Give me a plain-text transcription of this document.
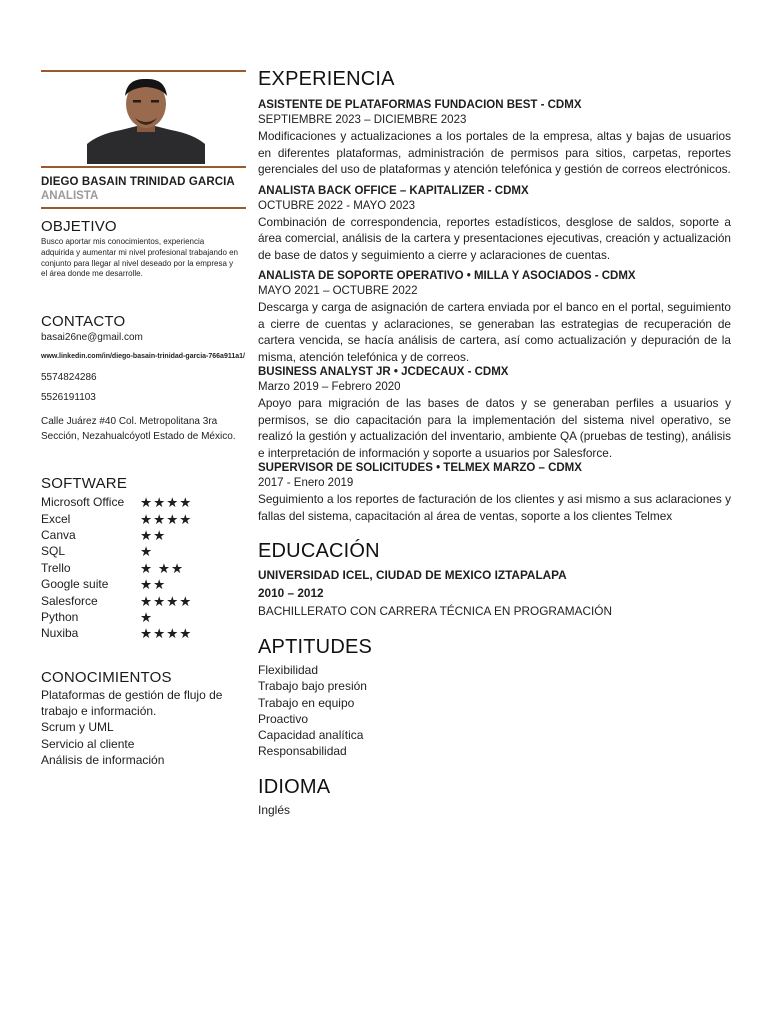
DIEGO BASAIN TRINIDAD GARCIA
ANALISTA
OBJETIVO
Busco aportar mis conocimientos, experiencia adquirida y aumentar mi nivel profesional trabajando en conjunto para llegar al nivel deseado por la empresa y el área donde me desarrolle.
CONTACTO
basai26ne@gmail.com
www.linkedin.com/in/diego-basain-trinidad-garcia-766a911a1/
5574824286
5526191103
Calle Juárez #40 Col. Metropolitana 3ra Sección, Nezahualcóyotl Estado de México.
SOFTWARE
Microsoft Office ★★★★
Excel	★★★★
Canva	★★
SQL	★
Trello	★ ★★
Google suite ★★
Salesforce	★★★★
Python	★
Nuxiba	★★★★
CONOCIMIENTOS
Plataformas de gestión de flujo de trabajo e información.
Scrum y UML
Servicio al cliente
Análisis de información
EXPERIENCIA
ASISTENTE DE PLATAFORMAS FUNDACION BEST - CDMX
SEPTIEMBRE 2023 – DICIEMBRE 2023
Modificaciones y actualizaciones a los portales de la empresa, altas y bajas de usuarios en diferentes plataformas, administración de permisos para sitios, carpetas, reportes gerenciales del uso de plataformas y atención telefónica y gestión de correos electrónicos.
ANALISTA BACK OFFICE – KAPITALIZER - CDMX
OCTUBRE 2022 - MAYO 2023
Combinación de correspondencia, reportes estadísticos, desglose de saldos, soporte a área comercial, análisis de la cartera y presentaciones ejecutivas, creación y actualización de base de datos y seguimiento a cierre y aclaraciones de cuentas.
ANALISTA DE SOPORTE OPERATIVO • MILLA Y ASOCIADOS - CDMX
MAYO 2021 – OCTUBRE 2022
Descarga y carga de asignación de cartera enviada por el banco en el portal, seguimiento a cierre de cuentas y aclaraciones, se generaban las estrategias de recuperación de cartera vencida, se hacía análisis de cartera, así como actualización y depuración de la misma, atención telefónica y de correos.
BUSINESS ANALYST JR • JCDECAUX - CDMX
Marzo 2019 – Febrero 2020
Apoyo para migración de las bases de datos y se generaban perfiles a usuarios y permisos, se dio capacitación para la implementación del sistema nivel operativo, se realizó la gestión y actualización del inventario, ambiente QA (pruebas de testing), análisis e interpretación de información y soporte a usuarios por Salesforce.
SUPERVISOR DE SOLICITUDES • TELMEX MARZO – CDMX
2017 - Enero 2019
Seguimiento a los reportes de facturación de los clientes y asi mismo a sus aclaraciones y fallas del sistema, capacitación al área de ventas, soporte a los clientes Telmex
EDUCACIÓN
UNIVERSIDAD ICEL, CIUDAD DE MEXICO IZTAPALAPA
2010 – 2012
BACHILLERATO CON CARRERA TÉCNICA EN PROGRAMACIÓN
APTITUDES
Flexibilidad
Trabajo bajo presión
Trabajo en equipo
Proactivo
Capacidad analítica
Responsabilidad
IDIOMA
Inglés
